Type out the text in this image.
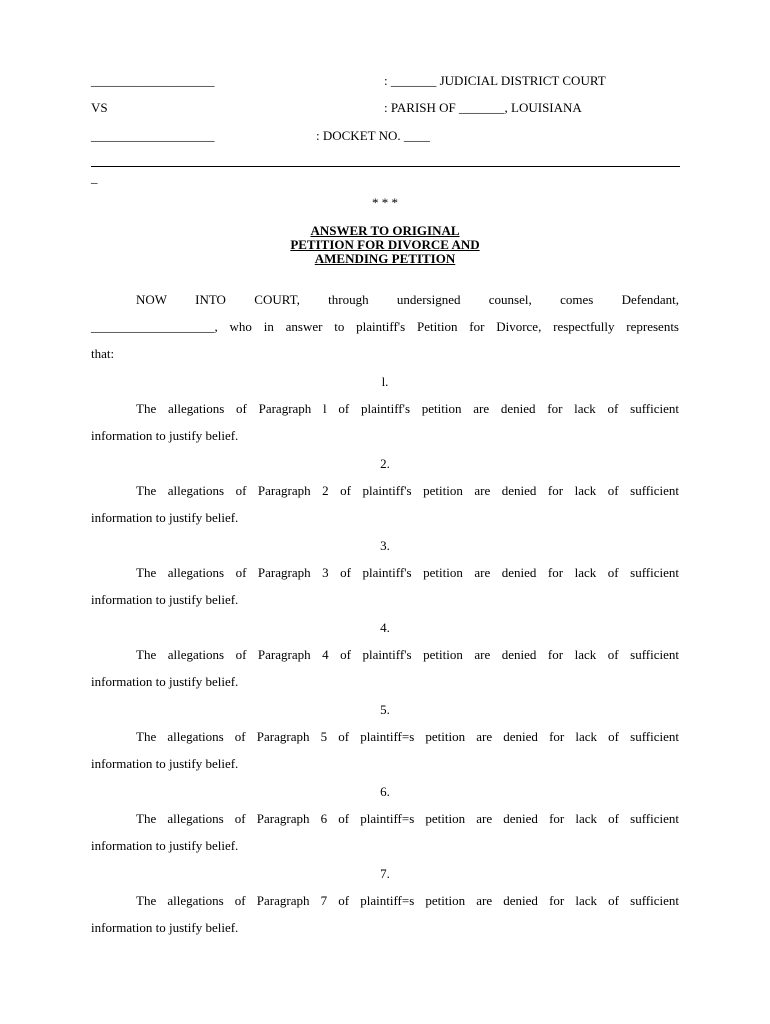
___________________	: _______ JUDICIAL DISTRICT COURT
VS	: PARISH OF _______, LOUISIANA
___________________	: DOCKET NO. ____
_
* * *
ANSWER TO ORIGINAL
PETITION FOR DIVORCE AND
AMENDING PETITION
NOW INTO COURT, through undersigned counsel, comes Defendant,
___________________, who in answer to plaintiff's Petition for Divorce, respectfully represents
that:
l.
The allegations of Paragraph l of plaintiff's petition are denied for lack of sufficient
information to justify belief.
2.
The allegations of Paragraph 2 of plaintiff's petition are denied for lack of sufficient
information to justify belief.
3.
The allegations of Paragraph 3 of plaintiff's petition are denied for lack of sufficient
information to justify belief.
4.
The allegations of Paragraph 4 of plaintiff's petition are denied for lack of sufficient
information to justify belief.
5.
The allegations of Paragraph 5 of plaintiff=s petition are denied for lack of sufficient
information to justify belief.
6.
The allegations of Paragraph 6 of plaintiff=s petition are denied for lack of sufficient
information to justify belief.
7.
The allegations of Paragraph 7 of plaintiff=s petition are denied for lack of sufficient
information to justify belief.
